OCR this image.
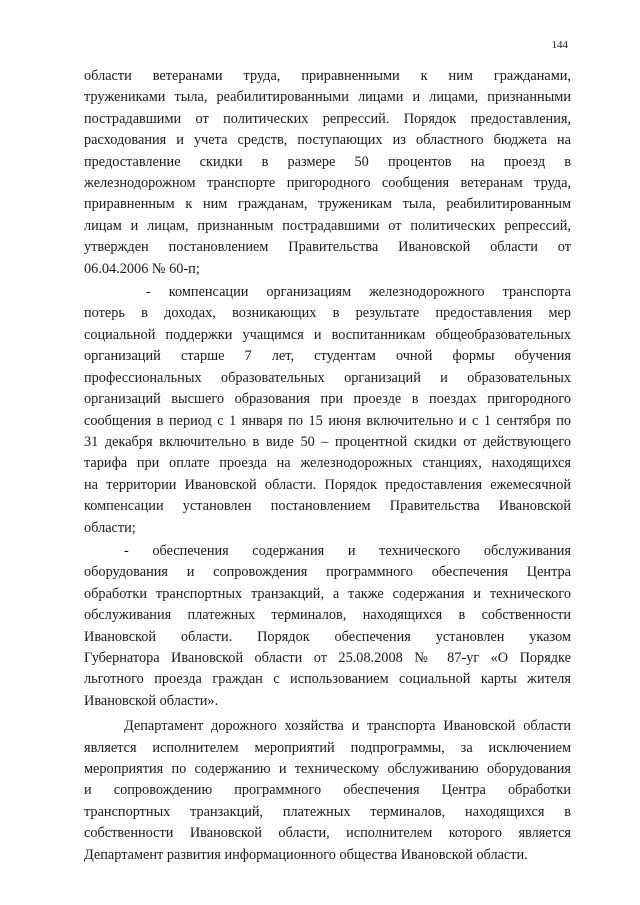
144
области ветеранами труда, приравненными к ним гражданами,
тружениками тыла, реабилитированными лицами и лицами, признанными
пострадавшими от политических репрессий. Порядок предоставления,
расходования и учета средств, поступающих из областного бюджета на
предоставление скидки в размере 50 процентов на проезд в
железнодорожном транспорте пригородного сообщения ветеранам труда,
приравненным к ним гражданам, труженикам тыла, реабилитированным
лицам и лицам, признанным пострадавшими от политических репрессий,
утвержден постановлением Правительства Ивановской области от
06.04.2006 № 60-п;
- компенсации организациям железнодорожного транспорта
потерь в доходах, возникающих в результате предоставления мер
социальной поддержки учащимся и воспитанникам общеобразовательных
организаций старше 7 лет, студентам очной формы обучения
профессиональных образовательных организаций и образовательных
организаций высшего образования при проезде в поездах пригородного
сообщения в период с 1 января по 15 июня включительно и с 1 сентября по
31 декабря включительно в виде 50 – процентной скидки от действующего
тарифа при оплате проезда на железнодорожных станциях, находящихся
на территории Ивановской области. Порядок предоставления ежемесячной
компенсации установлен постановлением Правительства Ивановской
области;
- обеспечения содержания и технического обслуживания
оборудования и сопровождения программного обеспечения Центра
обработки транспортных транзакций, а также содержания и технического
обслуживания платежных терминалов, находящихся в собственности
Ивановской области. Порядок обеспечения установлен указом
Губернатора Ивановской области от 25.08.2008 № 87-уг «О Порядке
льготного проезда граждан с использованием социальной карты жителя
Ивановской области».
Департамент дорожного хозяйства и транспорта Ивановской области
является исполнителем мероприятий подпрограммы, за исключением
мероприятия по содержанию и техническому обслуживанию оборудования
и сопровождению программного обеспечения Центра обработки
транспортных транзакций, платежных терминалов, находящихся в
собственности Ивановской области, исполнителем которого является
Департамент развития информационного общества Ивановской области.
